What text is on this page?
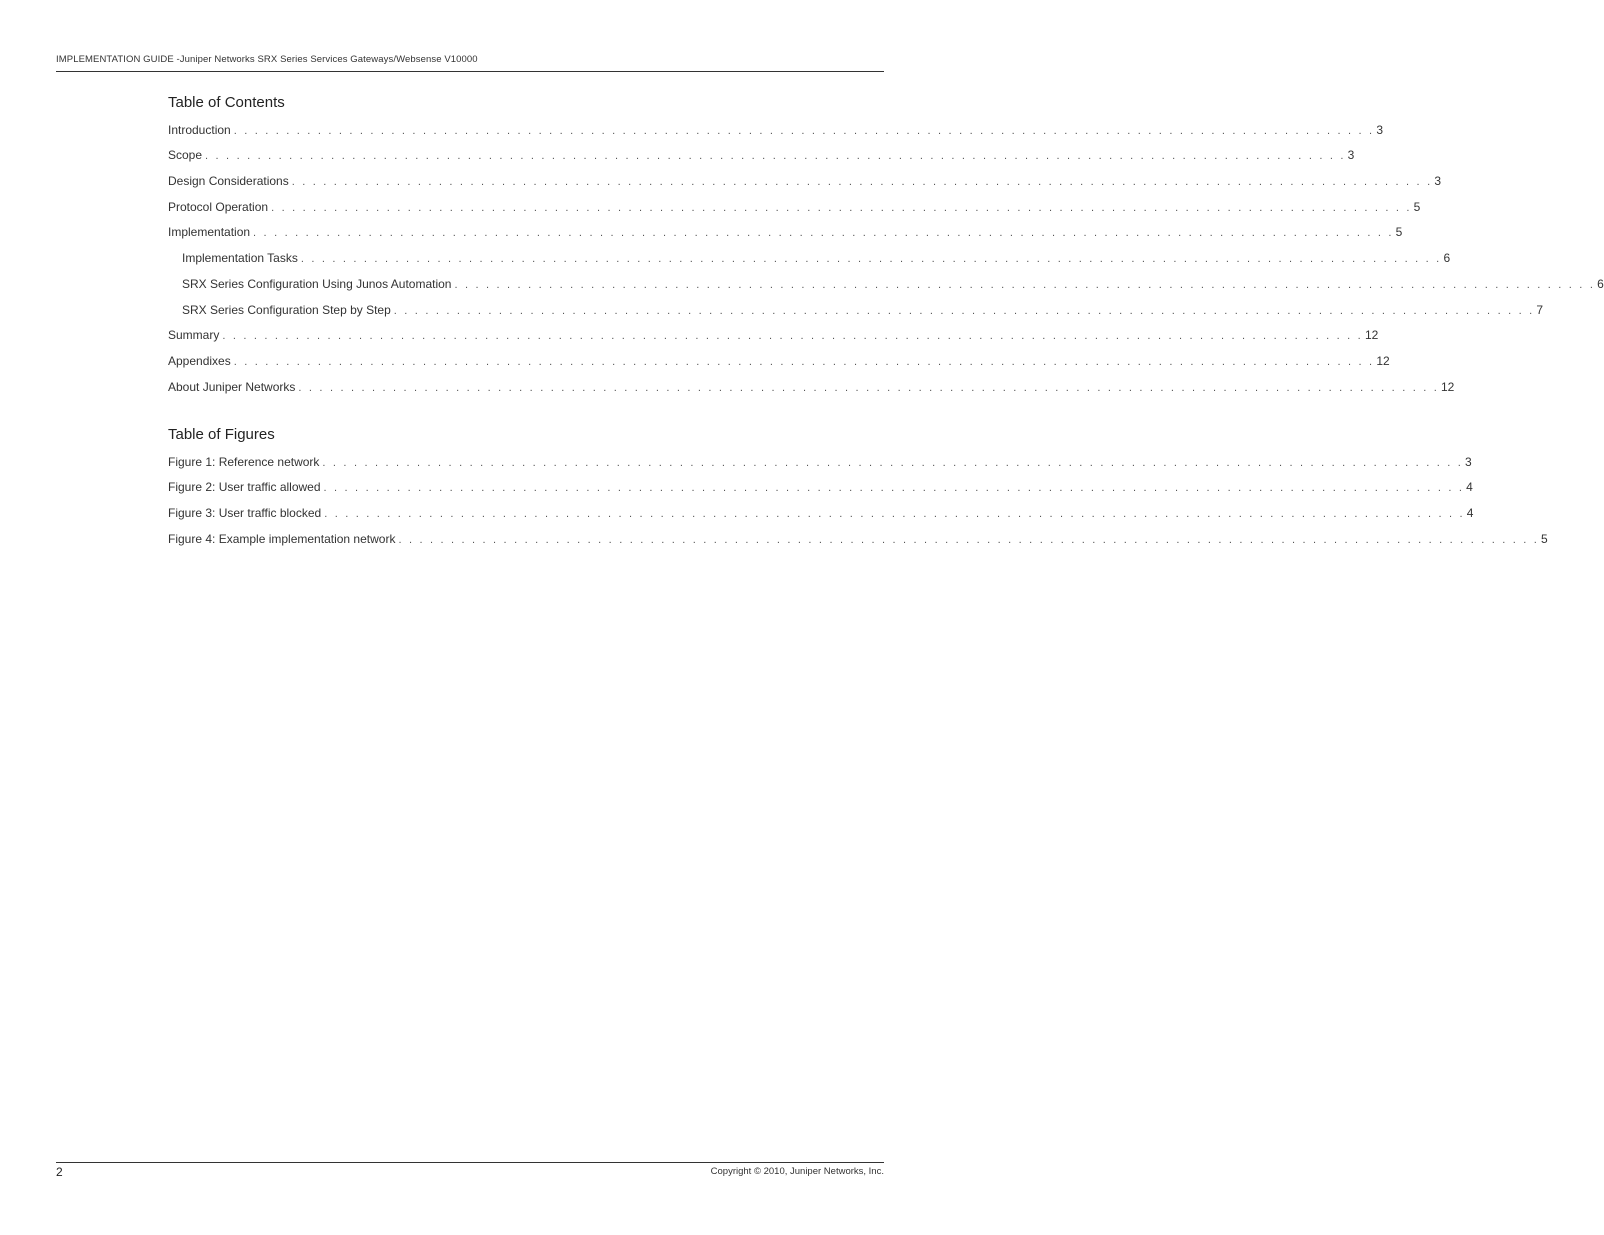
IMPLEMENTATION GUIDE -Juniper Networks SRX Series Services Gateways/Websense V10000
Table of Contents
Introduction . . . . . . . . . . . . . . . . . . . . . . . . . . . . . . . . . . . . . . . . . . . . . . . . . . . . . . . . . . . . . . . . . . . . . . . . . . . . . . . . . . . . . . . . . . . . . . . . . . . . . . . . . . . . . 3
Scope . . . . . . . . . . . . . . . . . . . . . . . . . . . . . . . . . . . . . . . . . . . . . . . . . . . . . . . . . . . . . . . . . . . . . . . . . . . . . . . . . . . . . . . . . . . . . . . . . . . . . . . . . . . . . 3
Design Considerations . . . . . . . . . . . . . . . . . . . . . . . . . . . . . . . . . . . . . . . . . . . . . . . . . . . . . . . . . . . . . . . . . . . . . . . . . . . . . . . . . . . . . . . . . . . . . . . . . . . . . . . . . . . . . 3
Protocol Operation . . . . . . . . . . . . . . . . . . . . . . . . . . . . . . . . . . . . . . . . . . . . . . . . . . . . . . . . . . . . . . . . . . . . . . . . . . . . . . . . . . . . . . . . . . . . . . . . . . . . . . . . . . . . . 5
Implementation . . . . . . . . . . . . . . . . . . . . . . . . . . . . . . . . . . . . . . . . . . . . . . . . . . . . . . . . . . . . . . . . . . . . . . . . . . . . . . . . . . . . . . . . . . . . . . . . . . . . . . . . . . . . . 5
Implementation Tasks . . . . . . . . . . . . . . . . . . . . . . . . . . . . . . . . . . . . . . . . . . . . . . . . . . . . . . . . . . . . . . . . . . . . . . . . . . . . . . . . . . . . . . . . . . . . . . . . . . . . . . . . . . . . . 6
SRX Series Configuration Using Junos Automation . . . . . . . . . . . . . . . . . . . . . . . . . . . . . . . . . . . . . . . . . . . . . . . . . . . . . . . . . . . . . . . . . . . . . . . . . . . . . . . . . . . . . . . . . . . . . . . . . . . . . . . . . . . . . 6
SRX Series Configuration Step by Step . . . . . . . . . . . . . . . . . . . . . . . . . . . . . . . . . . . . . . . . . . . . . . . . . . . . . . . . . . . . . . . . . . . . . . . . . . . . . . . . . . . . . . . . . . . . . . . . . . . . . . . . . . . . . 7
Summary . . . . . . . . . . . . . . . . . . . . . . . . . . . . . . . . . . . . . . . . . . . . . . . . . . . . . . . . . . . . . . . . . . . . . . . . . . . . . . . . . . . . . . . . . . . . . . . . . . . . . . . . . . . . . 12
Appendixes . . . . . . . . . . . . . . . . . . . . . . . . . . . . . . . . . . . . . . . . . . . . . . . . . . . . . . . . . . . . . . . . . . . . . . . . . . . . . . . . . . . . . . . . . . . . . . . . . . . . . . . . . . . . . 12
About Juniper Networks . . . . . . . . . . . . . . . . . . . . . . . . . . . . . . . . . . . . . . . . . . . . . . . . . . . . . . . . . . . . . . . . . . . . . . . . . . . . . . . . . . . . . . . . . . . . . . . . . . . . . . . . . . . . . 12
Table of Figures
Figure 1: Reference network . . . . . . . . . . . . . . . . . . . . . . . . . . . . . . . . . . . . . . . . . . . . . . . . . . . . . . . . . . . . . . . . . . . . . . . . . . . . . . . . . . . . . . . . . . . . . . . . . . . . . . . . . . . . . 3
Figure 2: User traffic allowed . . . . . . . . . . . . . . . . . . . . . . . . . . . . . . . . . . . . . . . . . . . . . . . . . . . . . . . . . . . . . . . . . . . . . . . . . . . . . . . . . . . . . . . . . . . . . . . . . . . . . . . . . . . . . 4
Figure 3: User traffic blocked . . . . . . . . . . . . . . . . . . . . . . . . . . . . . . . . . . . . . . . . . . . . . . . . . . . . . . . . . . . . . . . . . . . . . . . . . . . . . . . . . . . . . . . . . . . . . . . . . . . . . . . . . . . . . 4
Figure 4: Example implementation network . . . . . . . . . . . . . . . . . . . . . . . . . . . . . . . . . . . . . . . . . . . . . . . . . . . . . . . . . . . . . . . . . . . . . . . . . . . . . . . . . . . . . . . . . . . . . . . . . . . . . . . . . . . . . 5
2	Copyright © 2010, Juniper Networks, Inc.
